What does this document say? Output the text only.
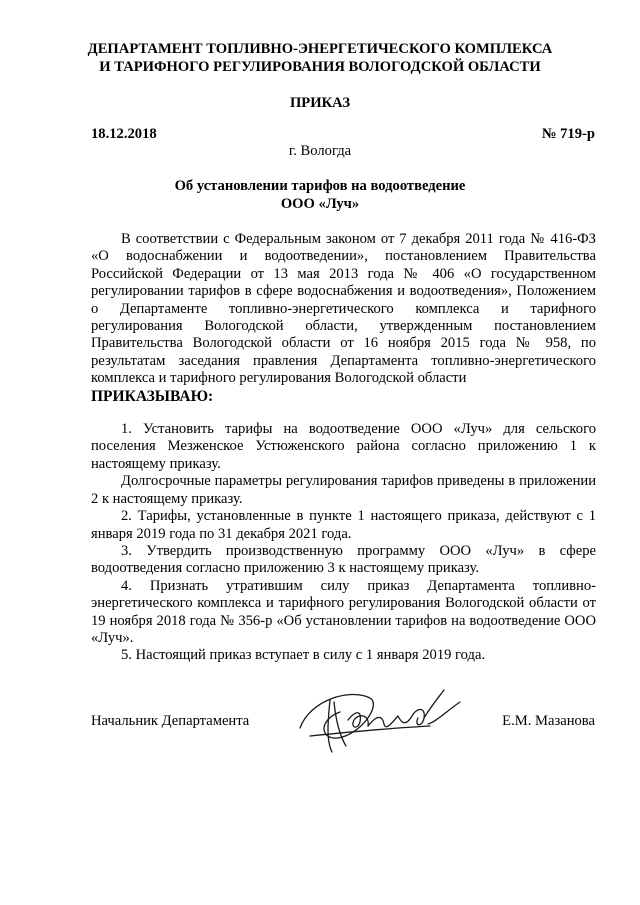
ДЕПАРТАМЕНТ ТОПЛИВНО-ЭНЕРГЕТИЧЕСКОГО КОМПЛЕКСА
И ТАРИФНОГО РЕГУЛИРОВАНИЯ ВОЛОГОДСКОЙ ОБЛАСТИ
ПРИКАЗ
18.12.2018	№ 719-р
г. Вологда
Об установлении тарифов на водоотведение
ООО «Луч»

В соответствии с Федеральным законом от 7 декабря 2011 года № 416-ФЗ «О водоснабжении и водоотведении», постановлением Правительства Российской Федерации от 13 мая 2013 года № 406 «О государственном регулировании тарифов в сфере водоснабжения и водоотведения», Положением о Департаменте топливно-энергетического комплекса и тарифного регулирования Вологодской области, утвержденным постановлением Правительства Вологодской области от 16 ноября 2015 года № 958, по результатам заседания правления Департамента топливно-энергетического комплекса и тарифного регулирования Вологодской области

ПРИКАЗЫВАЮ:

1. Установить тарифы на водоотведение ООО «Луч» для сельского поселения Мезженское Устюженского района согласно приложению 1 к настоящему приказу.

Долгосрочные параметры регулирования тарифов приведены в приложении 2 к настоящему приказу.

2. Тарифы, установленные в пункте 1 настоящего приказа, действуют с 1 января 2019 года по 31 декабря 2021 года.

3. Утвердить производственную программу ООО «Луч» в сфере водоотведения согласно приложению 3 к настоящему приказу.

4. Признать утратившим силу приказ Департамента топливно-энергетического комплекса и тарифного регулирования Вологодской области от 19 ноября 2018 года № 356-р «Об установлении тарифов на водоотведение ООО «Луч».

5. Настоящий приказ вступает в силу с 1 января 2019 года.

Начальник Департамента	Е.М. Мазанова
